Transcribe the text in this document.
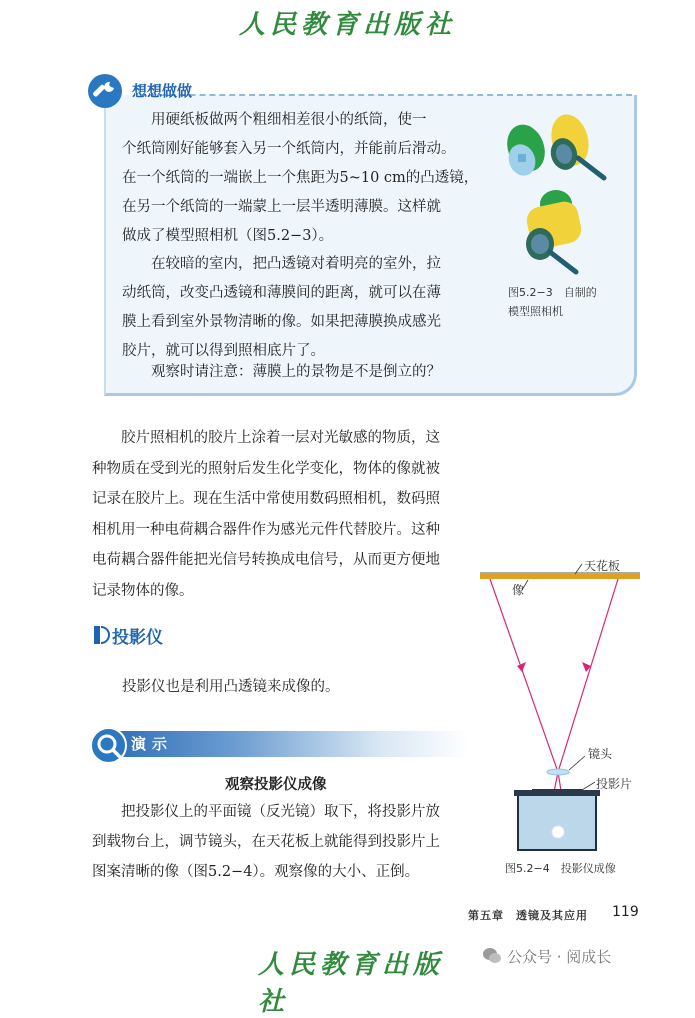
人民教育出版社
想想做做
用硬纸板做两个粗细相差很小的纸筒，使一
个纸筒刚好能够套入另一个纸筒内，并能前后滑动。
在一个纸筒的一端嵌上一个焦距为5~10 cm的凸透镜，
在另一个纸筒的一端蒙上一层半透明薄膜。这样就
做成了模型照相机（图5.2−3）。
在较暗的室内，把凸透镜对着明亮的室外，拉
动纸筒，改变凸透镜和薄膜间的距离，就可以在薄
膜上看到室外景物清晰的像。如果把薄膜换成感光
胶片，就可以得到照相底片了。
观察时请注意：薄膜上的景物是不是倒立的？
图5.2−3　自制的
模型照相机
胶片照相机的胶片上涂着一层对光敏感的物质，这
种物质在受到光的照射后发生化学变化，物体的像就被
记录在胶片上。现在生活中常使用数码照相机，数码照
相机用一种电荷耦合器件作为感光元件代替胶片。这种
电荷耦合器件能把光信号转换成电信号，从而更方便地
记录物体的像。
投影仪
投影仪也是利用凸透镜来成像的。
演示
观察投影仪成像
把投影仪上的平面镜（反光镜）取下，将投影片放
到载物台上，调节镜头，在天花板上就能得到投影片上
图案清晰的像（图5.2−4）。观察像的大小、正倒。
天花板
像
镜头
投影片
图5.2−4　投影仪成像
第五章　透镜及其应用 119
人民教育出版社
公众号 · 阅成长
